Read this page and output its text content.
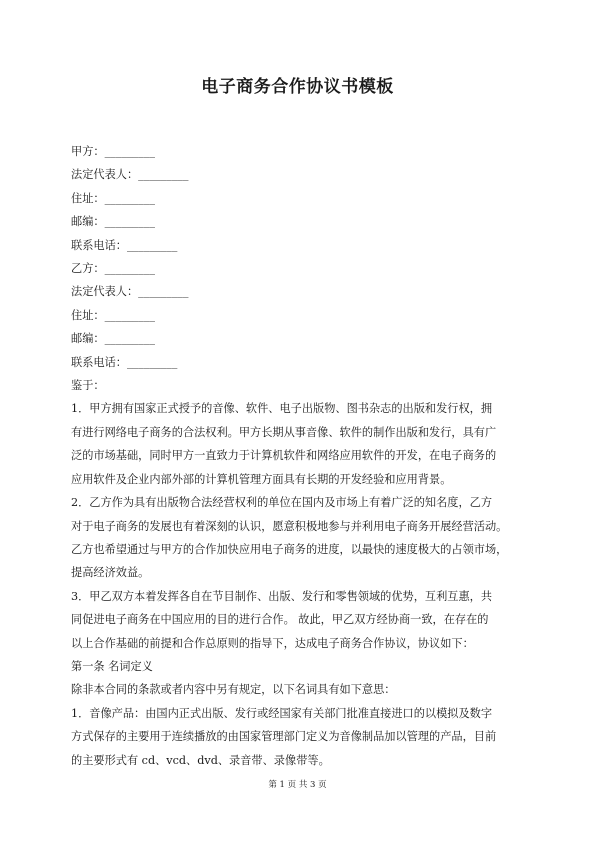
电子商务合作协议书模板

甲方：_________

法定代表人：_________

住址：_________

邮编：_________

联系电话：_________

乙方：_________

法定代表人：_________

住址：_________

邮编：_________

联系电话：_________

鉴于：

1．甲方拥有国家正式授予的音像、软件、电子出版物、图书杂志的出版和发行权，拥

有进行网络电子商务的合法权利。甲方长期从事音像、软件的制作出版和发行，具有广

泛的市场基础，同时甲方一直致力于计算机软件和网络应用软件的开发，在电子商务的

应用软件及企业内部外部的计算机管理方面具有长期的开发经验和应用背景。

2．乙方作为具有出版物合法经营权利的单位在国内及市场上有着广泛的知名度，乙方

对于电子商务的发展也有着深刻的认识，愿意积极地参与并利用电子商务开展经营活动。

乙方也希望通过与甲方的合作加快应用电子商务的进度，以最快的速度极大的占领市场，

提高经济效益。

3．甲乙双方本着发挥各自在节目制作、出版、发行和零售领域的优势，互利互惠，共

同促进电子商务在中国应用的目的进行合作。 故此，甲乙双方经协商一致，在存在的

以上合作基础的前提和合作总原则的指导下，达成电子商务合作协议，协议如下：

第一条 名词定义

除非本合同的条款或者内容中另有规定，以下名词具有如下意思：

1．音像产品：由国内正式出版、发行或经国家有关部门批准直接进口的以模拟及数字

方式保存的主要用于连续播放的由国家管理部门定义为音像制品加以管理的产品，目前

的主要形式有 cd、vcd、dvd、录音带、录像带等。

第 1 页 共 3 页
